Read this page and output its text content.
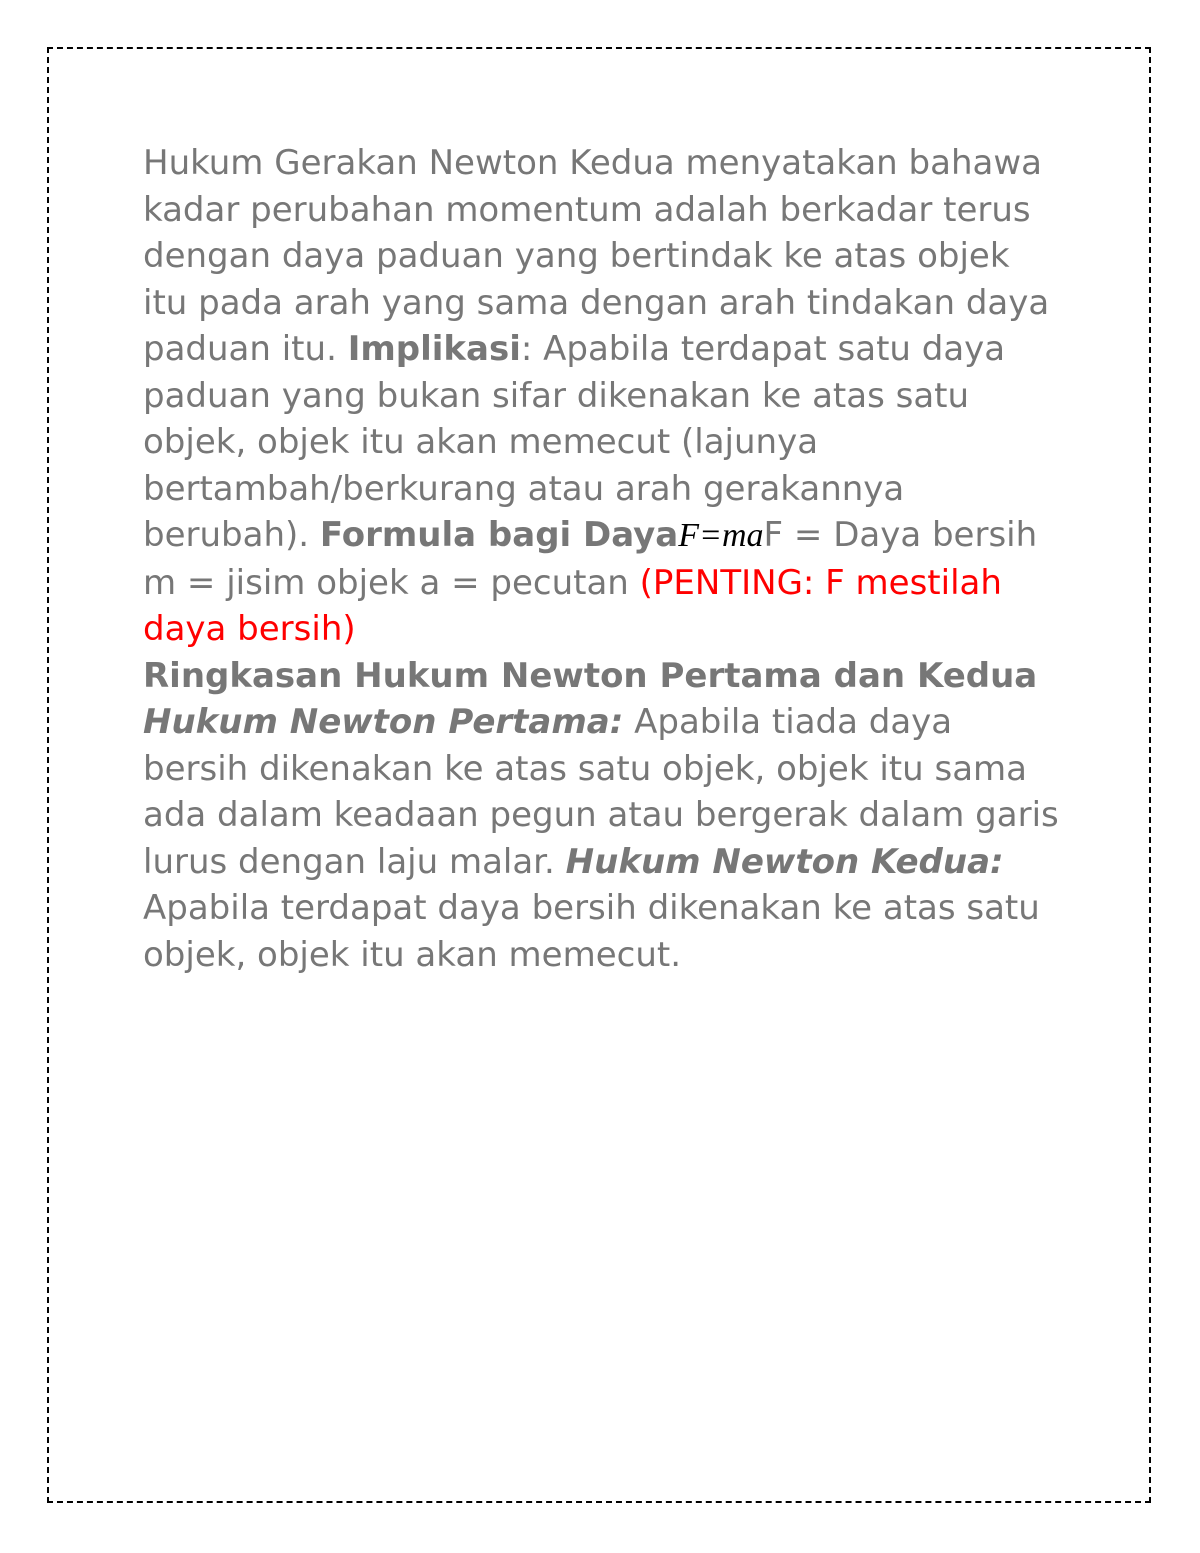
Hukum Gerakan Newton Kedua menyatakan bahawa kadar perubahan momentum adalah berkadar terus dengan daya paduan yang bertindak ke atas objek itu pada arah yang sama dengan arah tindakan daya paduan itu. Implikasi: Apabila terdapat satu daya paduan yang bukan sifar dikenakan ke atas satu objek, objek itu akan memecut (lajunya bertambah/berkurang atau arah gerakannya berubah). Formula bagi DayaF=maF = Daya bersih m = jisim objek a = pecutan (PENTING: F mestilah daya bersih)

Ringkasan Hukum Newton Pertama dan Kedua

Hukum Newton Pertama: Apabila tiada daya bersih dikenakan ke atas satu objek, objek itu sama ada dalam keadaan pegun atau bergerak dalam garis lurus dengan laju malar. Hukum Newton Kedua: Apabila terdapat daya bersih dikenakan ke atas satu objek, objek itu akan memecut.
